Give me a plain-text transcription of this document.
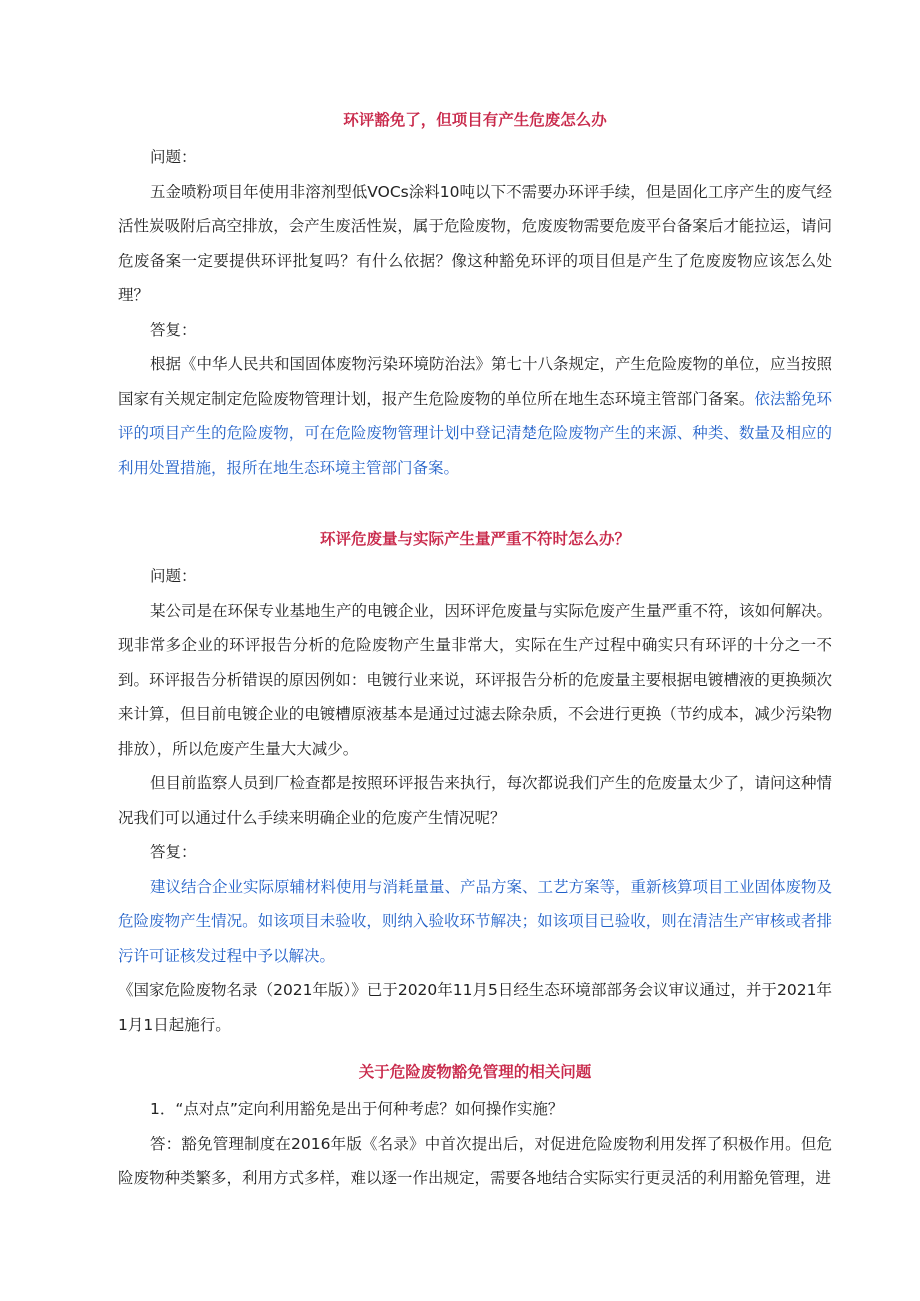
环评豁免了，但项目有产生危废怎么办

问题：

五金喷粉项目年使用非溶剂型低VOCs涂料10吨以下不需要办环评手续，但是固化工序产生的废气经活性炭吸附后高空排放，会产生废活性炭，属于危险废物，危废废物需要危废平台备案后才能拉运，请问危废备案一定要提供环评批复吗？有什么依据？像这种豁免环评的项目但是产生了危废废物应该怎么处理？

答复：

根据《中华人民共和国固体废物污染环境防治法》第七十八条规定，产生危险废物的单位，应当按照国家有关规定制定危险废物管理计划，报产生危险废物的单位所在地生态环境主管部门备案。依法豁免环评的项目产生的危险废物，可在危险废物管理计划中登记清楚危险废物产生的来源、种类、数量及相应的利用处置措施，报所在地生态环境主管部门备案。

环评危废量与实际产生量严重不符时怎么办？

问题：

某公司是在环保专业基地生产的电镀企业，因环评危废量与实际危废产生量严重不符，该如何解决。现非常多企业的环评报告分析的危险废物产生量非常大，实际在生产过程中确实只有环评的十分之一不到。环评报告分析错误的原因例如：电镀行业来说，环评报告分析的危废量主要根据电镀槽液的更换频次来计算，但目前电镀企业的电镀槽原液基本是通过过滤去除杂质，不会进行更换（节约成本，减少污染物排放），所以危废产生量大大减少。

但目前监察人员到厂检查都是按照环评报告来执行，每次都说我们产生的危废量太少了，请问这种情况我们可以通过什么手续来明确企业的危废产生情况呢？

答复：

建议结合企业实际原辅材料使用与消耗量量、产品方案、工艺方案等，重新核算项目工业固体废物及危险废物产生情况。如该项目未验收，则纳入验收环节解决；如该项目已验收，则在清洁生产审核或者排污许可证核发过程中予以解决。

《国家危险废物名录（2021年版）》已于2020年11月5日经生态环境部部务会议审议通过，并于2021年1月1日起施行。

关于危险废物豁免管理的相关问题

1．“点对点”定向利用豁免是出于何种考虑？如何操作实施？

答：豁免管理制度在2016年版《名录》中首次提出后，对促进危险废物利用发挥了积极作用。但危险废物种类繁多，利用方式多样，难以逐一作出规定，需要各地结合实际实行更灵活的利用豁免管理，进
